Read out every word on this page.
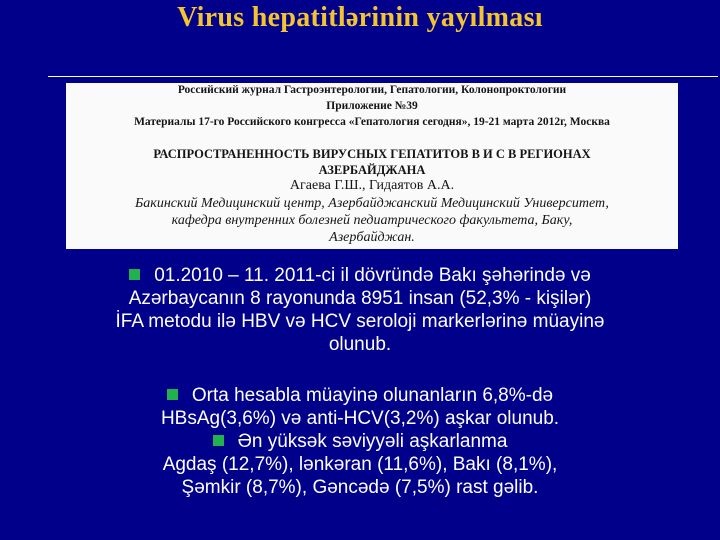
Virus hepatitlərinin yayılması
Российский журнал Гастроэнтерологии, Гепатологии, Колонопроктологии
Приложение №39
Материалы 17-го Российского конгресса «Гепатология сегодня», 19-21 марта 2012г, Москва
РАСПРОСТРАНЕННОСТЬ ВИРУСНЫХ ГЕПАТИТОВ В И С В РЕГИОНАХ
АЗЕРБАЙДЖАНА
Агаева Г.Ш., Гидаятов А.А.
Бакинский Медицинский центр, Азербайджанский Медицинский Университет,
кафедра внутренних болезней педиатрического факультета, Баку,
Азербайджан.
01.2010 – 11. 2011-ci il dövründə Bakı şəhərində və
Azərbaycanın 8 rayonunda 8951 insan (52,3% - kişilər)
İFA metodu ilə HBV və HCV seroloji markerlərinə müayinə
olunub.
Orta hesabla müayinə olunanların 6,8%-də
HBsAg(3,6%) və anti-HCV(3,2%) aşkar olunub.
Ən yüksək səviyyəli aşkarlanma
Agdaş (12,7%), lənkəran (11,6%), Bakı (8,1%),
Şəmkir (8,7%), Gəncədə (7,5%) rast gəlib.
